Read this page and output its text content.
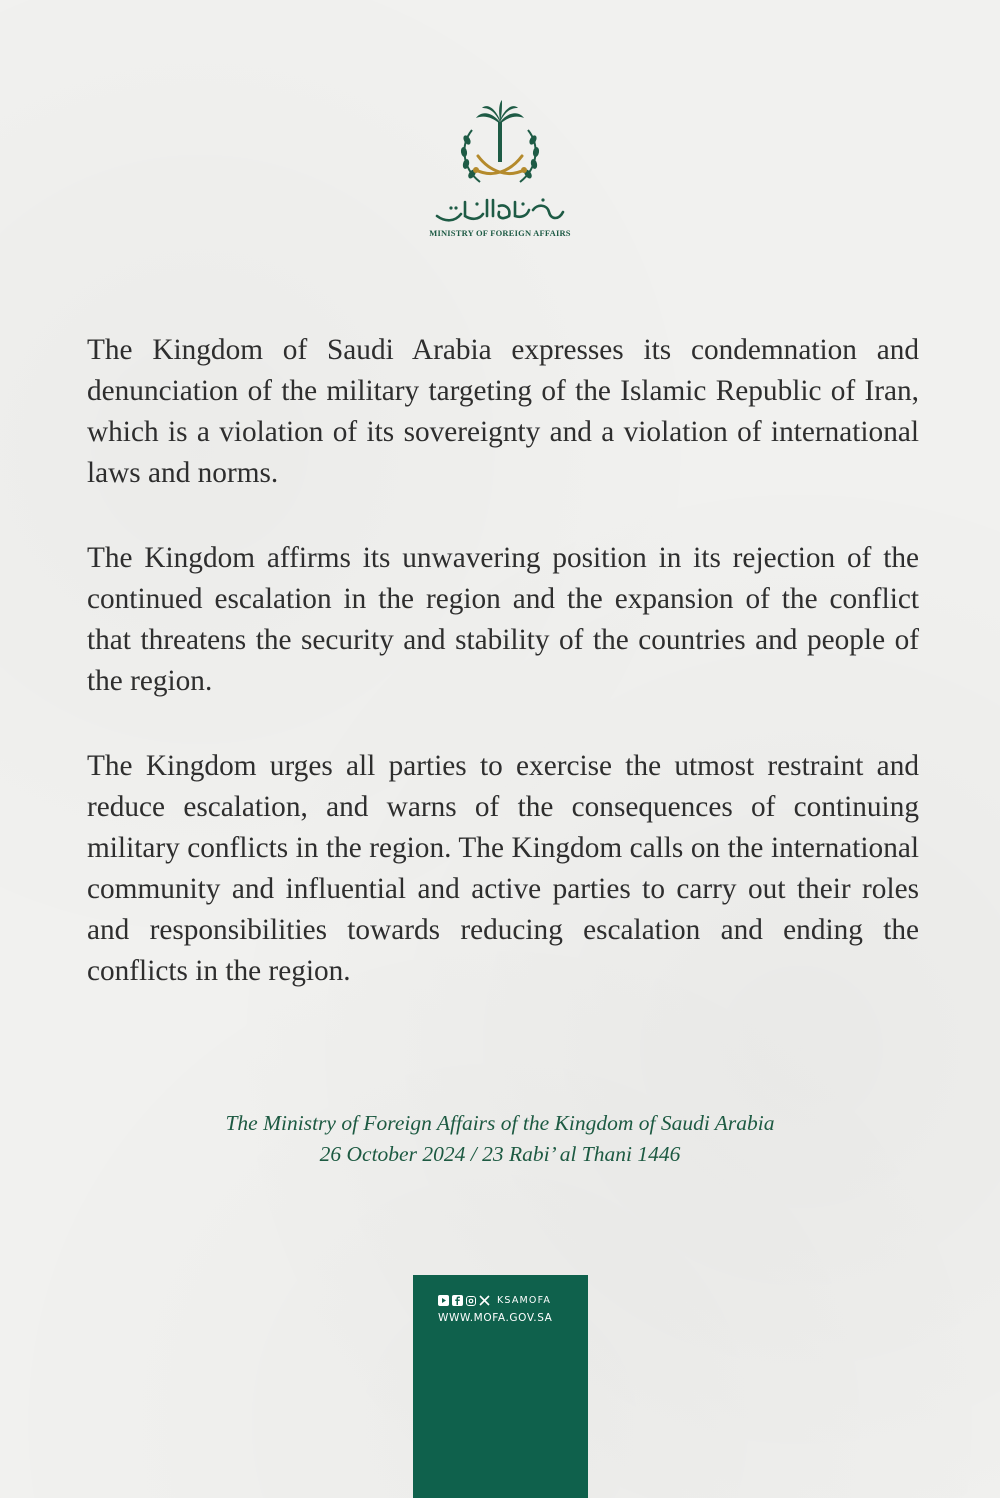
MINISTRY OF FOREIGN AFFAIRS

The Kingdom of Saudi Arabia expresses its condemnation and denunciation of the military targeting of the Islamic Republic of Iran, which is a violation of its sovereignty and a violation of international laws and norms.

The Kingdom affirms its unwavering position in its rejection of the continued escalation in the region and the expansion of the conflict that threatens the security and stability of the countries and people of the region.

The Kingdom urges all parties to exercise the utmost restraint and reduce escalation, and warns of the consequences of continuing military conflicts in the region. The Kingdom calls on the international community and influential and active parties to carry out their roles and responsibilities towards reducing escalation and ending the conflicts in the region.

The Ministry of Foreign Affairs of the Kingdom of Saudi Arabia
26 October 2024 / 23 Rabi’ al Thani 1446
KSAMOFA
WWW.MOFA.GOV.SA
